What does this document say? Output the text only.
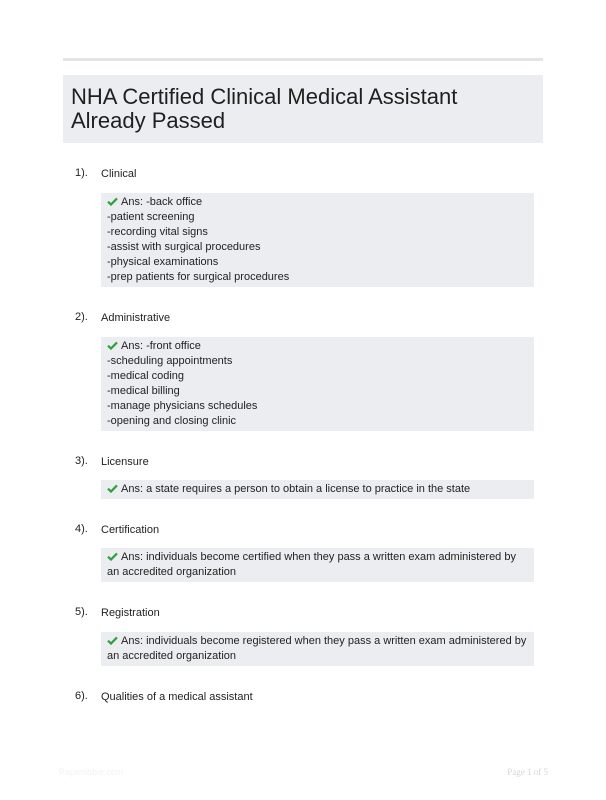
NHA Certified Clinical Medical Assistant Already Passed
1). Clinical
Ans: -back office
-patient screening
-recording vital signs
-assist with surgical procedures
-physical examinations
-prep patients for surgical procedures
2). Administrative
Ans: -front office
-scheduling appointments
-medical coding
-medical billing
-manage physicians schedules
-opening and closing clinic
3). Licensure
Ans: a state requires a person to obtain a license to practice in the state
4). Certification
Ans: individuals become certified when they pass a written exam administered by an accredited organization
5). Registration
Ans: individuals become registered when they pass a written exam administered by an accredited organization
6). Qualities of a medical assistant
Paperlibbie.com	Page 1 of 5
